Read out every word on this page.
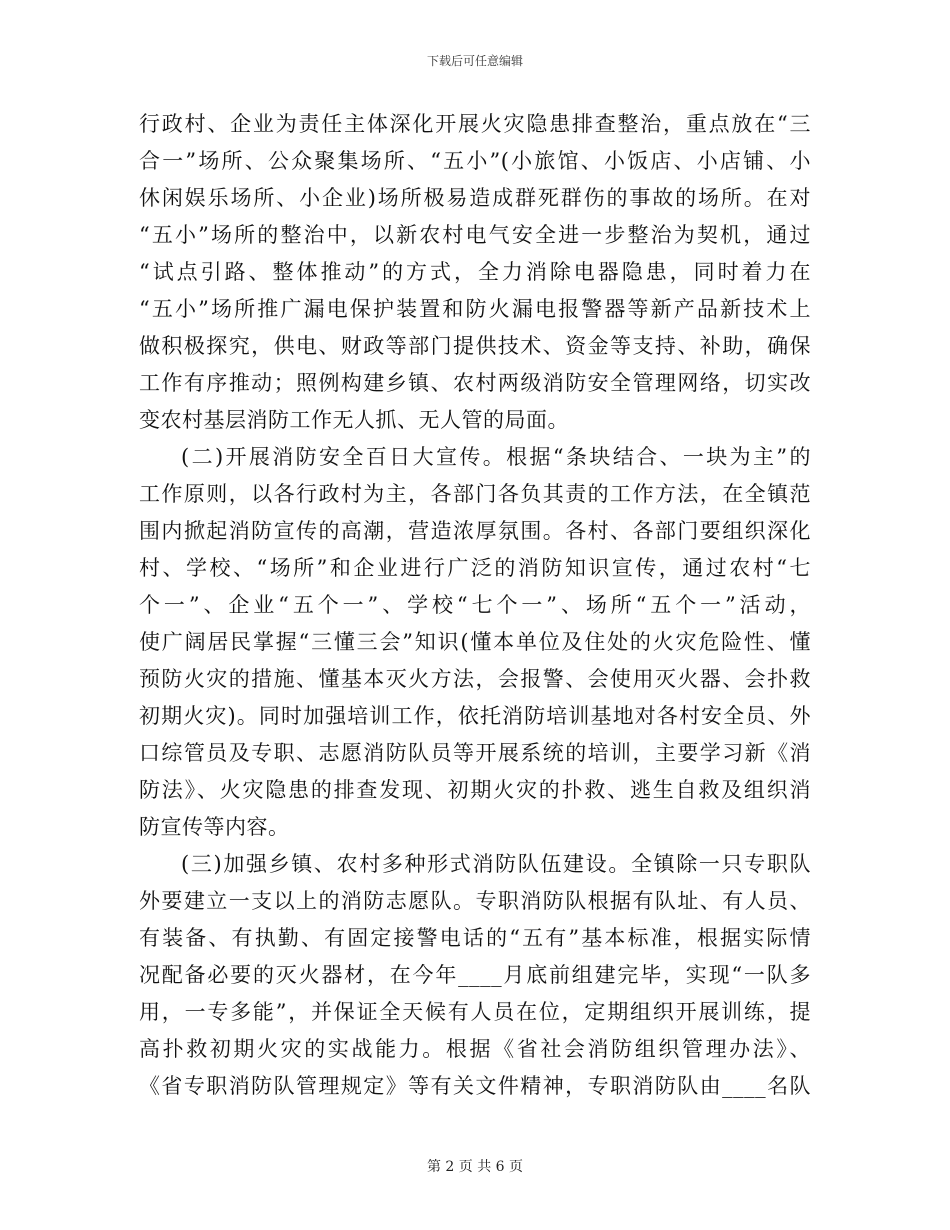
下载后可任意编辑
行政村、企业为责任主体深化开展火灾隐患排查整治，重点放在“三
合一”场所、公众聚集场所、“五小”(小旅馆、小饭店、小店铺、小
休闲娱乐场所、小企业)场所极易造成群死群伤的事故的场所。在对
“五小”场所的整治中，以新农村电气安全进一步整治为契机，通过
“试点引路、整体推动”的方式，全力消除电器隐患，同时着力在
“五小”场所推广漏电保护装置和防火漏电报警器等新产品新技术上
做积极探究，供电、财政等部门提供技术、资金等支持、补助，确保
工作有序推动；照例构建乡镇、农村两级消防安全管理网络，切实改
变农村基层消防工作无人抓、无人管的局面。
(二)开展消防安全百日大宣传。根据“条块结合、一块为主”的
工作原则，以各行政村为主，各部门各负其责的工作方法，在全镇范
围内掀起消防宣传的高潮，营造浓厚氛围。各村、各部门要组织深化
村、学校、“场所”和企业进行广泛的消防知识宣传，通过农村“七
个一”、企业“五个一”、学校“七个一”、场所“五个一”活动，
使广阔居民掌握“三懂三会”知识(懂本单位及住处的火灾危险性、懂
预防火灾的措施、懂基本灭火方法，会报警、会使用灭火器、会扑救
初期火灾)。同时加强培训工作，依托消防培训基地对各村安全员、外
口综管员及专职、志愿消防队员等开展系统的培训，主要学习新《消
防法》、火灾隐患的排查发现、初期火灾的扑救、逃生自救及组织消
防宣传等内容。
(三)加强乡镇、农村多种形式消防队伍建设。全镇除一只专职队
外要建立一支以上的消防志愿队。专职消防队根据有队址、有人员、
有装备、有执勤、有固定接警电话的“五有”基本标准，根据实际情
况配备必要的灭火器材，在今年____月底前组建完毕，实现“一队多
用，一专多能”，并保证全天候有人员在位，定期组织开展训练，提
高扑救初期火灾的实战能力。根据《省社会消防组织管理办法》、
《省专职消防队管理规定》等有关文件精神，专职消防队由____名队
第 2 页 共 6 页
